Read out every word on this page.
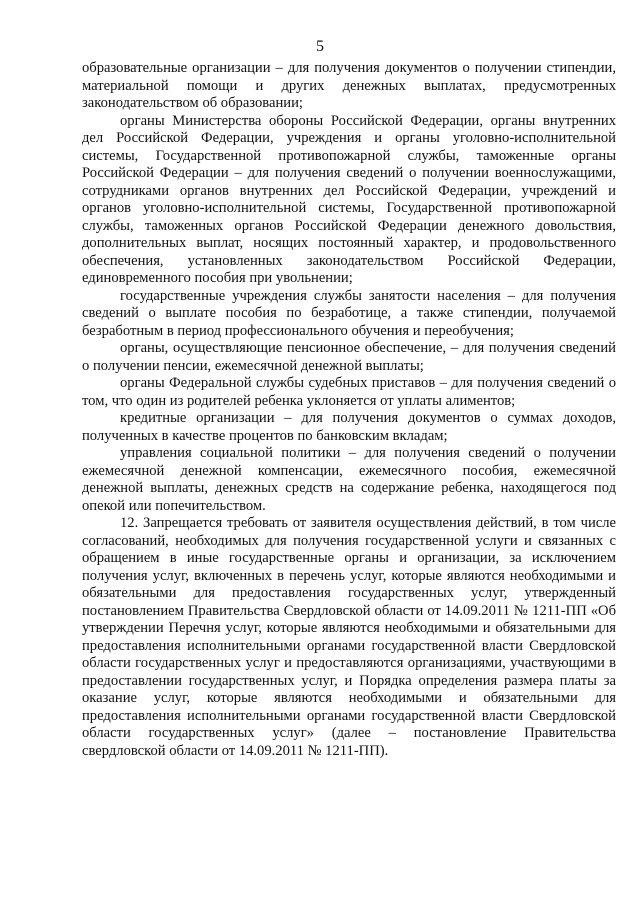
5

образовательные организации – для получения документов о получении стипендии, материальной помощи и других денежных выплатах, предусмотренных законодательством об образовании;

органы Министерства обороны Российской Федерации, органы внутренних дел Российской Федерации, учреждения и органы уголовно-исполнительной системы, Государственной противопожарной службы, таможенные органы Российской Федерации – для получения сведений о получении военнослужащими, сотрудниками органов внутренних дел Российской Федерации, учреждений и органов уголовно-исполнительной системы, Государственной противопожарной службы, таможенных органов Российской Федерации денежного довольствия, дополнительных выплат, носящих постоянный характер, и продовольственного обеспечения, установленных законодательством Российской Федерации, единовременного пособия при увольнении;

государственные учреждения службы занятости населения – для получения сведений о выплате пособия по безработице, а также стипендии, получаемой безработным в период профессионального обучения и переобучения;

органы, осуществляющие пенсионное обеспечение, – для получения сведений о получении пенсии, ежемесячной денежной выплаты;

органы Федеральной службы судебных приставов – для получения сведений о том, что один из родителей ребенка уклоняется от уплаты алиментов;

кредитные организации – для получения документов о суммах доходов, полученных в качестве процентов по банковским вкладам;

управления социальной политики – для получения сведений о получении ежемесячной денежной компенсации, ежемесячного пособия, ежемесячной денежной выплаты, денежных средств на содержание ребенка, находящегося под опекой или попечительством.

12. Запрещается требовать от заявителя осуществления действий, в том числе согласований, необходимых для получения государственной услуги и связанных с обращением в иные государственные органы и организации, за исключением получения услуг, включенных в перечень услуг, которые являются необходимыми и обязательными для предоставления государственных услуг, утвержденный постановлением Правительства Свердловской области от 14.09.2011 № 1211-ПП «Об утверждении Перечня услуг, которые являются необходимыми и обязательными для предоставления исполнительными органами государственной власти Свердловской области государственных услуг и предоставляются организациями, участвующими в предоставлении государственных услуг, и Порядка определения размера платы за оказание услуг, которые являются необходимыми и обязательными для предоставления исполнительными органами государственной власти Свердловской области государственных услуг» (далее – постановление Правительства свердловской области от 14.09.2011 № 1211-ПП).
